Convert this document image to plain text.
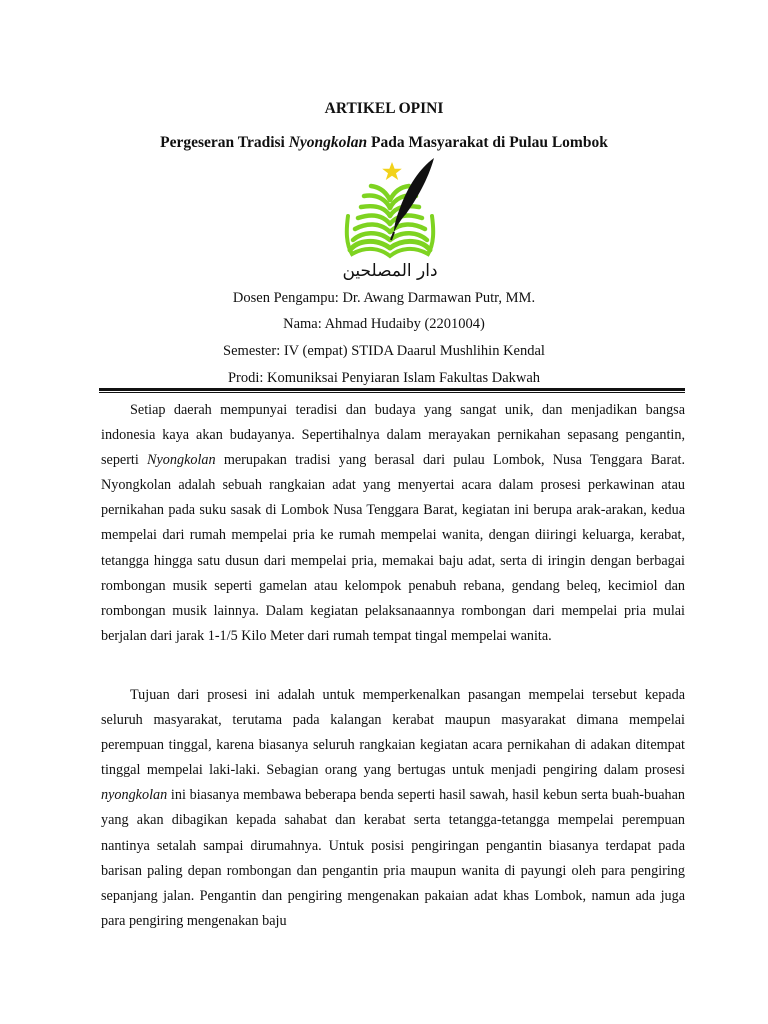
ARTIKEL OPINI
Pergeseran Tradisi Nyongkolan Pada Masyarakat di Pulau Lombok
دار المصلحين
Dosen Pengampu: Dr. Awang Darmawan Putr, MM.
Nama: Ahmad Hudaiby (2201004)
Semester: IV (empat) STIDA Daarul Mushlihin Kendal
Prodi: Komuniksai Penyiaran Islam Fakultas Dakwah

Setiap daerah mempunyai teradisi dan budaya yang sangat unik, dan menjadikan bangsa indonesia kaya akan budayanya. Sepertihalnya dalam merayakan pernikahan sepasang pengantin, seperti Nyongkolan merupakan tradisi yang berasal dari pulau Lombok, Nusa Tenggara Barat. Nyongkolan adalah sebuah rangkaian adat yang menyertai acara dalam prosesi perkawinan atau pernikahan pada suku sasak di Lombok Nusa Tenggara Barat, kegiatan ini berupa arak-arakan, kedua mempelai dari rumah mempelai pria ke rumah mempelai wanita, dengan diiringi keluarga, kerabat, tetangga hingga satu dusun dari mempelai pria, memakai baju adat, serta di iringin dengan berbagai rombongan musik seperti gamelan atau kelompok penabuh rebana, gendang beleq, kecimiol dan rombongan musik lainnya. Dalam kegiatan pelaksanaannya rombongan dari mempelai pria mulai berjalan dari jarak 1-1/5 Kilo Meter dari rumah tempat tingal mempelai wanita.

Tujuan dari prosesi ini adalah untuk memperkenalkan pasangan mempelai tersebut kepada seluruh masyarakat, terutama pada kalangan kerabat maupun masyarakat dimana mempelai perempuan tinggal, karena biasanya seluruh rangkaian kegiatan acara pernikahan di adakan ditempat tinggal mempelai laki-laki. Sebagian orang yang bertugas untuk menjadi pengiring dalam prosesi nyongkolan ini biasanya membawa beberapa benda seperti hasil sawah, hasil kebun serta buah-buahan yang akan dibagikan kepada sahabat dan kerabat serta tetangga-tetangga mempelai perempuan nantinya setalah sampai dirumahnya. Untuk posisi pengiringan pengantin biasanya terdapat pada barisan paling depan rombongan dan pengantin pria maupun wanita di payungi oleh para pengiring sepanjang jalan. Pengantin dan pengiring mengenakan pakaian adat khas Lombok, namun ada juga para pengiring mengenakan baju
